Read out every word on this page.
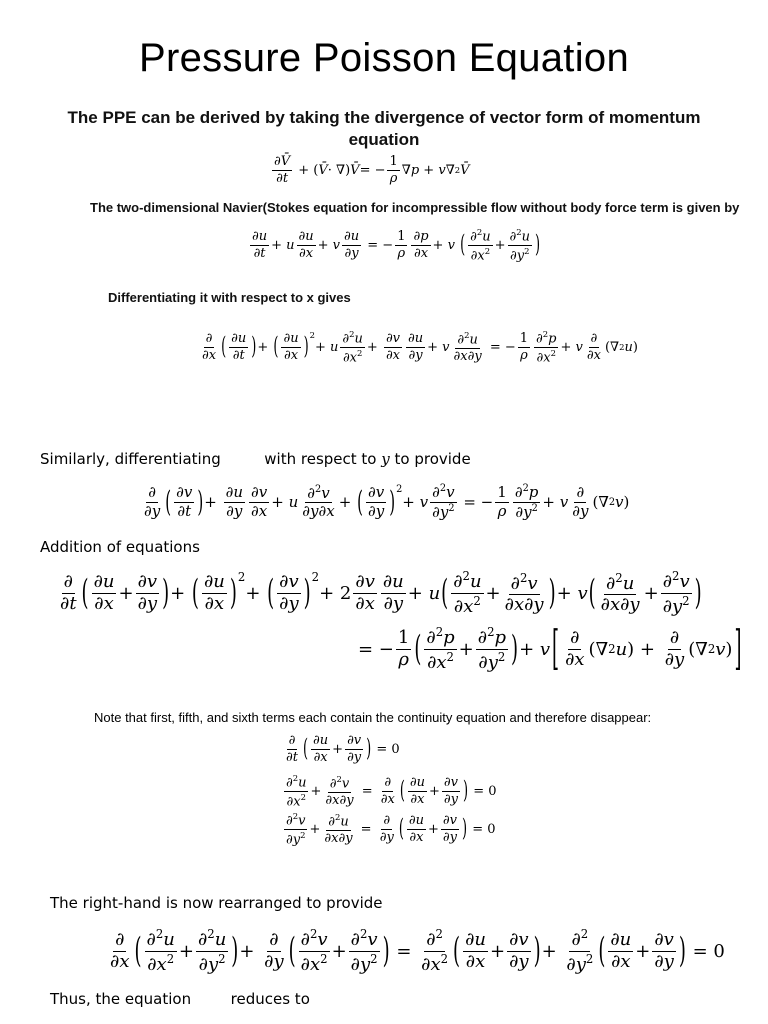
Pressure Poisson Equation
The PPE can be derived by taking the divergence of vector form of momentum
equation
∂V̄
∂t
+ ( V̄ · ∇) V̄ = −
1
ρ
∇ p + v ∇ 2 V̄
The two-dimensional Navier(Stokes equation for incompressible flow without body force term is given by
∂u
∂t
+ u
∂u
∂x
+ v
∂u
∂y
= −
1
ρ
∂p
∂x
+ v
( ∂$^2$u
$\partial x^2$ +
∂$^2$u
$\partial y^2$ )
Differentiating it with respect to x gives
∂
∂x ( ∂u
∂t ) + ( ∂u
∂x )$^2$
+ u
∂$^2$u
$\partial x^2$ +
∂v
∂x
∂u
∂y
+ v ∂$^2$u
∂x∂y
= −
1
ρ
∂$^2$p
$\partial x^2 + v$
∂
∂x
(∇ 2 u )
Similarly, differentiating	with respect to y to provide
∂
∂y ( ∂v
∂t ) +
∂u
∂y
∂v
∂x + u
∂$^2$v
∂y∂x + ( ∂v
∂y )$^2$
+ v
∂$^2$v
$\partial y^2$ = −
1
ρ
∂$^2$p
$\partial y^2 + v$
∂
∂y (∇ 2 v )
Addition of equations
∂
∂t ( ∂u
∂x +
∂v
∂y ) + ( ∂u
∂x )$^2$
+ ( ∂v
∂y )$^2$
+ 2
∂v
∂x
∂u
∂y + u ( ∂$^2$u
$\partial x^2 + \partial^2v$
∂x∂y ) + v ( ∂$^2$u
∂x∂y
+
∂$^2$v
$\partial y^2$ )
= −
1
ρ ( ∂$^2$p
$\partial x^2$ +
∂$^2$p
$\partial y^2$ ) + v [ ∂
∂x (∇ 2 u ) +
∂
∂y (∇ 2 v ) ]
Note that first, fifth, and sixth terms each contain the continuity equation and therefore disappear:
∂
∂t ( ∂u
∂x
+
∂v
∂y ) = 0
∂$^2$u
$\partial x^2 + \partial^2v$
∂x∂y
=
∂
∂x ( ∂u
∂x
+
∂v
∂y ) = 0
∂$^2$v
$\partial y^2 + \partial^2u$
∂x∂y
=
∂
∂y ( ∂u
∂x
+
∂v
∂y ) = 0
The right-hand is now rearranged to provide
∂
∂x ( ∂$^2$u
$\partial x^2$ +
∂$^2$u
$\partial y^2$ ) +
∂
∂y ( ∂$^2$v
$\partial x^2$ +
∂$^2$v
$\partial y^2$ ) =
∂$^2$
$\partial x^2$ ( ∂u
∂x +
∂v
∂y ) +
∂$^2$
$\partial y^2$ ( ∂u
∂x +
∂v
∂y )
= 0
Thus, the equation	reduces to
